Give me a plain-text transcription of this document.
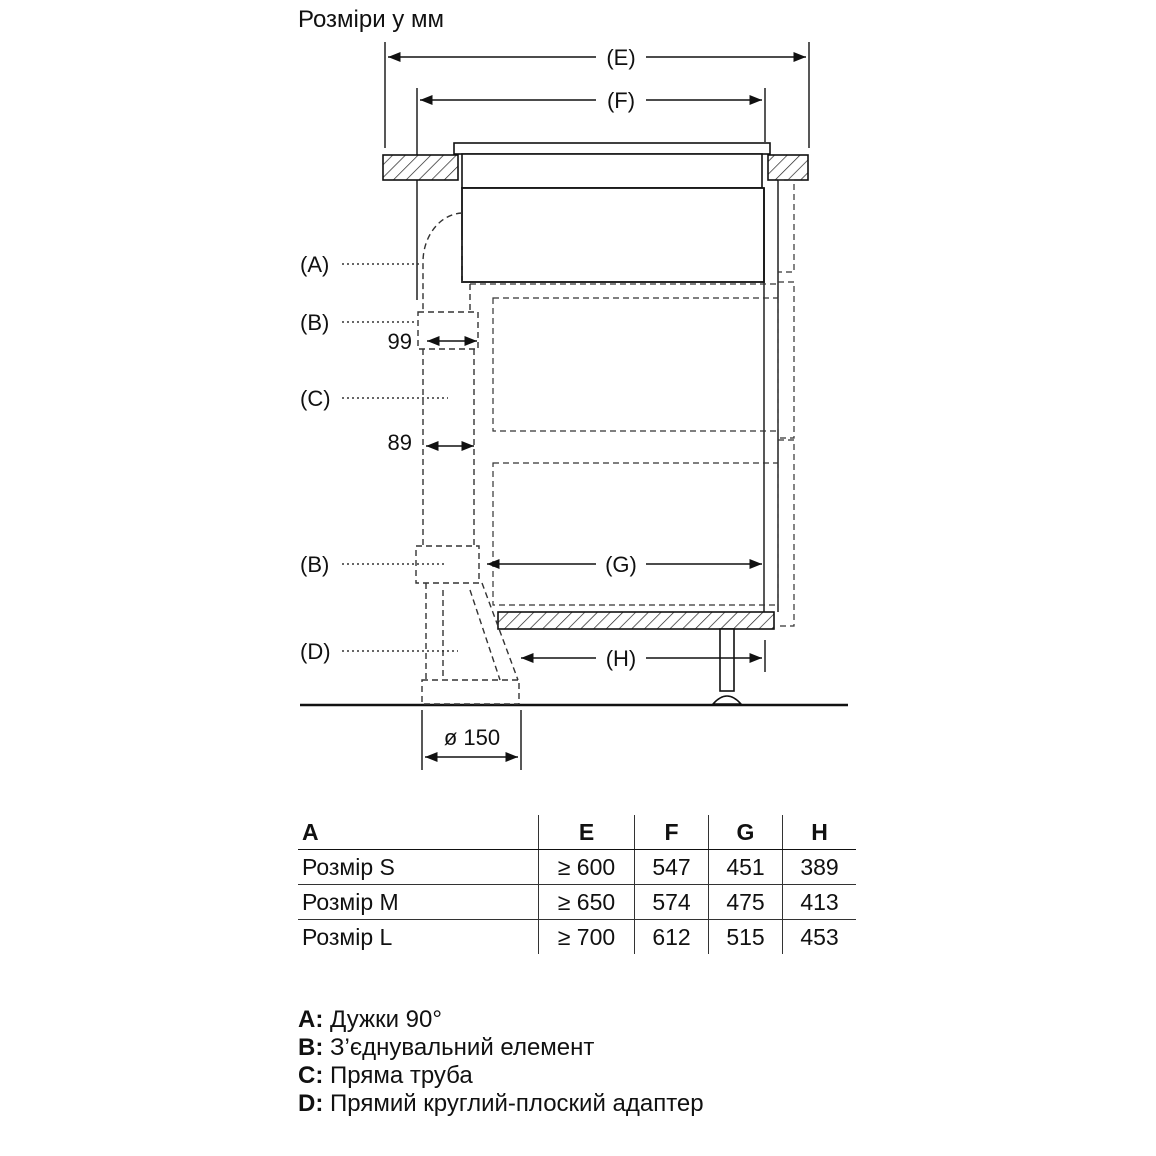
Розміри у мм
(E)
(F)
99
89
(G)
(H)
ø 150
(A)
(B)
(C)
(B)
(D)
A	E	F	G	H
Розмір S	≥ 600	547	451	389
Розмір M	≥ 650	574	475	413
Розмір L	≥ 700	612	515	453
A: Дужки 90°
B: З’єднувальний елемент
C: Пряма труба
D: Прямий круглий-плоский адаптер
